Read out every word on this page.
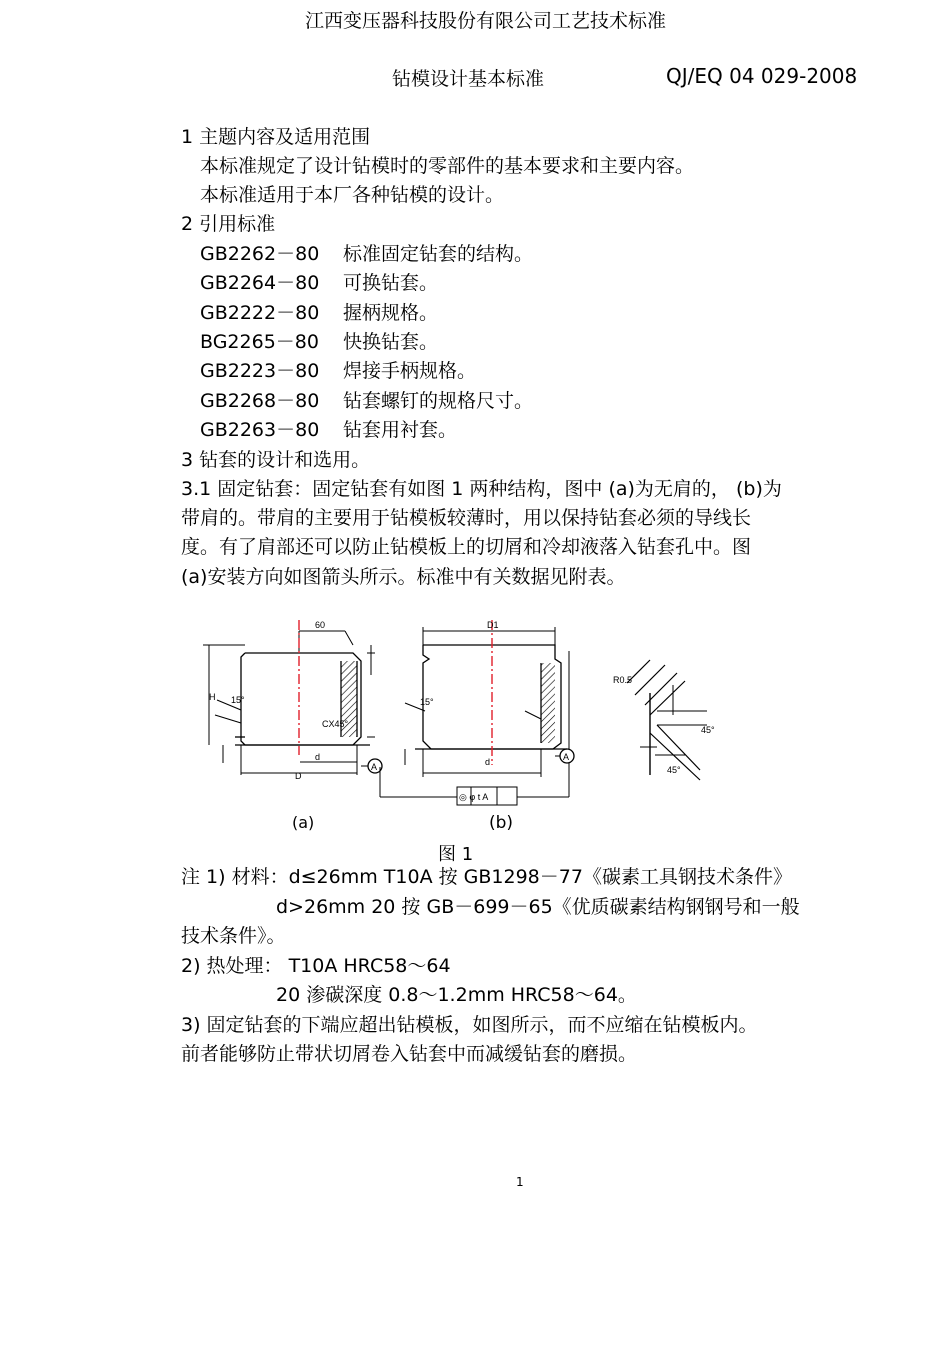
江西变压器科技股份有限公司工艺技术标准
钻模设计基本标准	QJ/EQ 04 029-2008
1 主题内容及适用范围
本标准规定了设计钻模时的零部件的基本要求和主要内容。
本标准适用于本厂各种钻模的设计。
2 引用标准
GB2262－80 标准固定钻套的结构。
GB2264－80 可换钻套。
GB2222－80 握柄规格。
BG2265－80 快换钻套。
GB2223－80 焊接手柄规格。
GB2268－80 钻套螺钉的规格尺寸。
GB2263－80 钻套用衬套。
3 钻套的设计和选用。
3.1 固定钻套：固定钻套有如图 1 两种结构，图中 (a)为无肩的， (b)为
带肩的。带肩的主要用于钻模板较薄时，用以保持钻套必须的导线长
度。有了肩部还可以防止钻模板上的切屑和冷却液落入钻套孔中。图
(a)安装方向如图箭头所示。标准中有关数据见附表。
60
H 15°
CX45°
d
D
A
D1
15°
d	A
◎ φ t A
R0.5
45°
45°
(a)	(b)
图 1
注 1) 材料：d≤26mm T10A 按 GB1298－77《碳素工具钢技术条件》
d>26mm 20 按 GB－699－65《优质碳素结构钢钢号和一般
技术条件》。
2) 热处理： T10A HRC58～64
20 渗碳深度 0.8～1.2mm HRC58～64。
3) 固定钻套的下端应超出钻模板，如图所示，而不应缩在钻模板内。
前者能够防止带状切屑卷入钻套中而减缓钻套的磨损。
1
